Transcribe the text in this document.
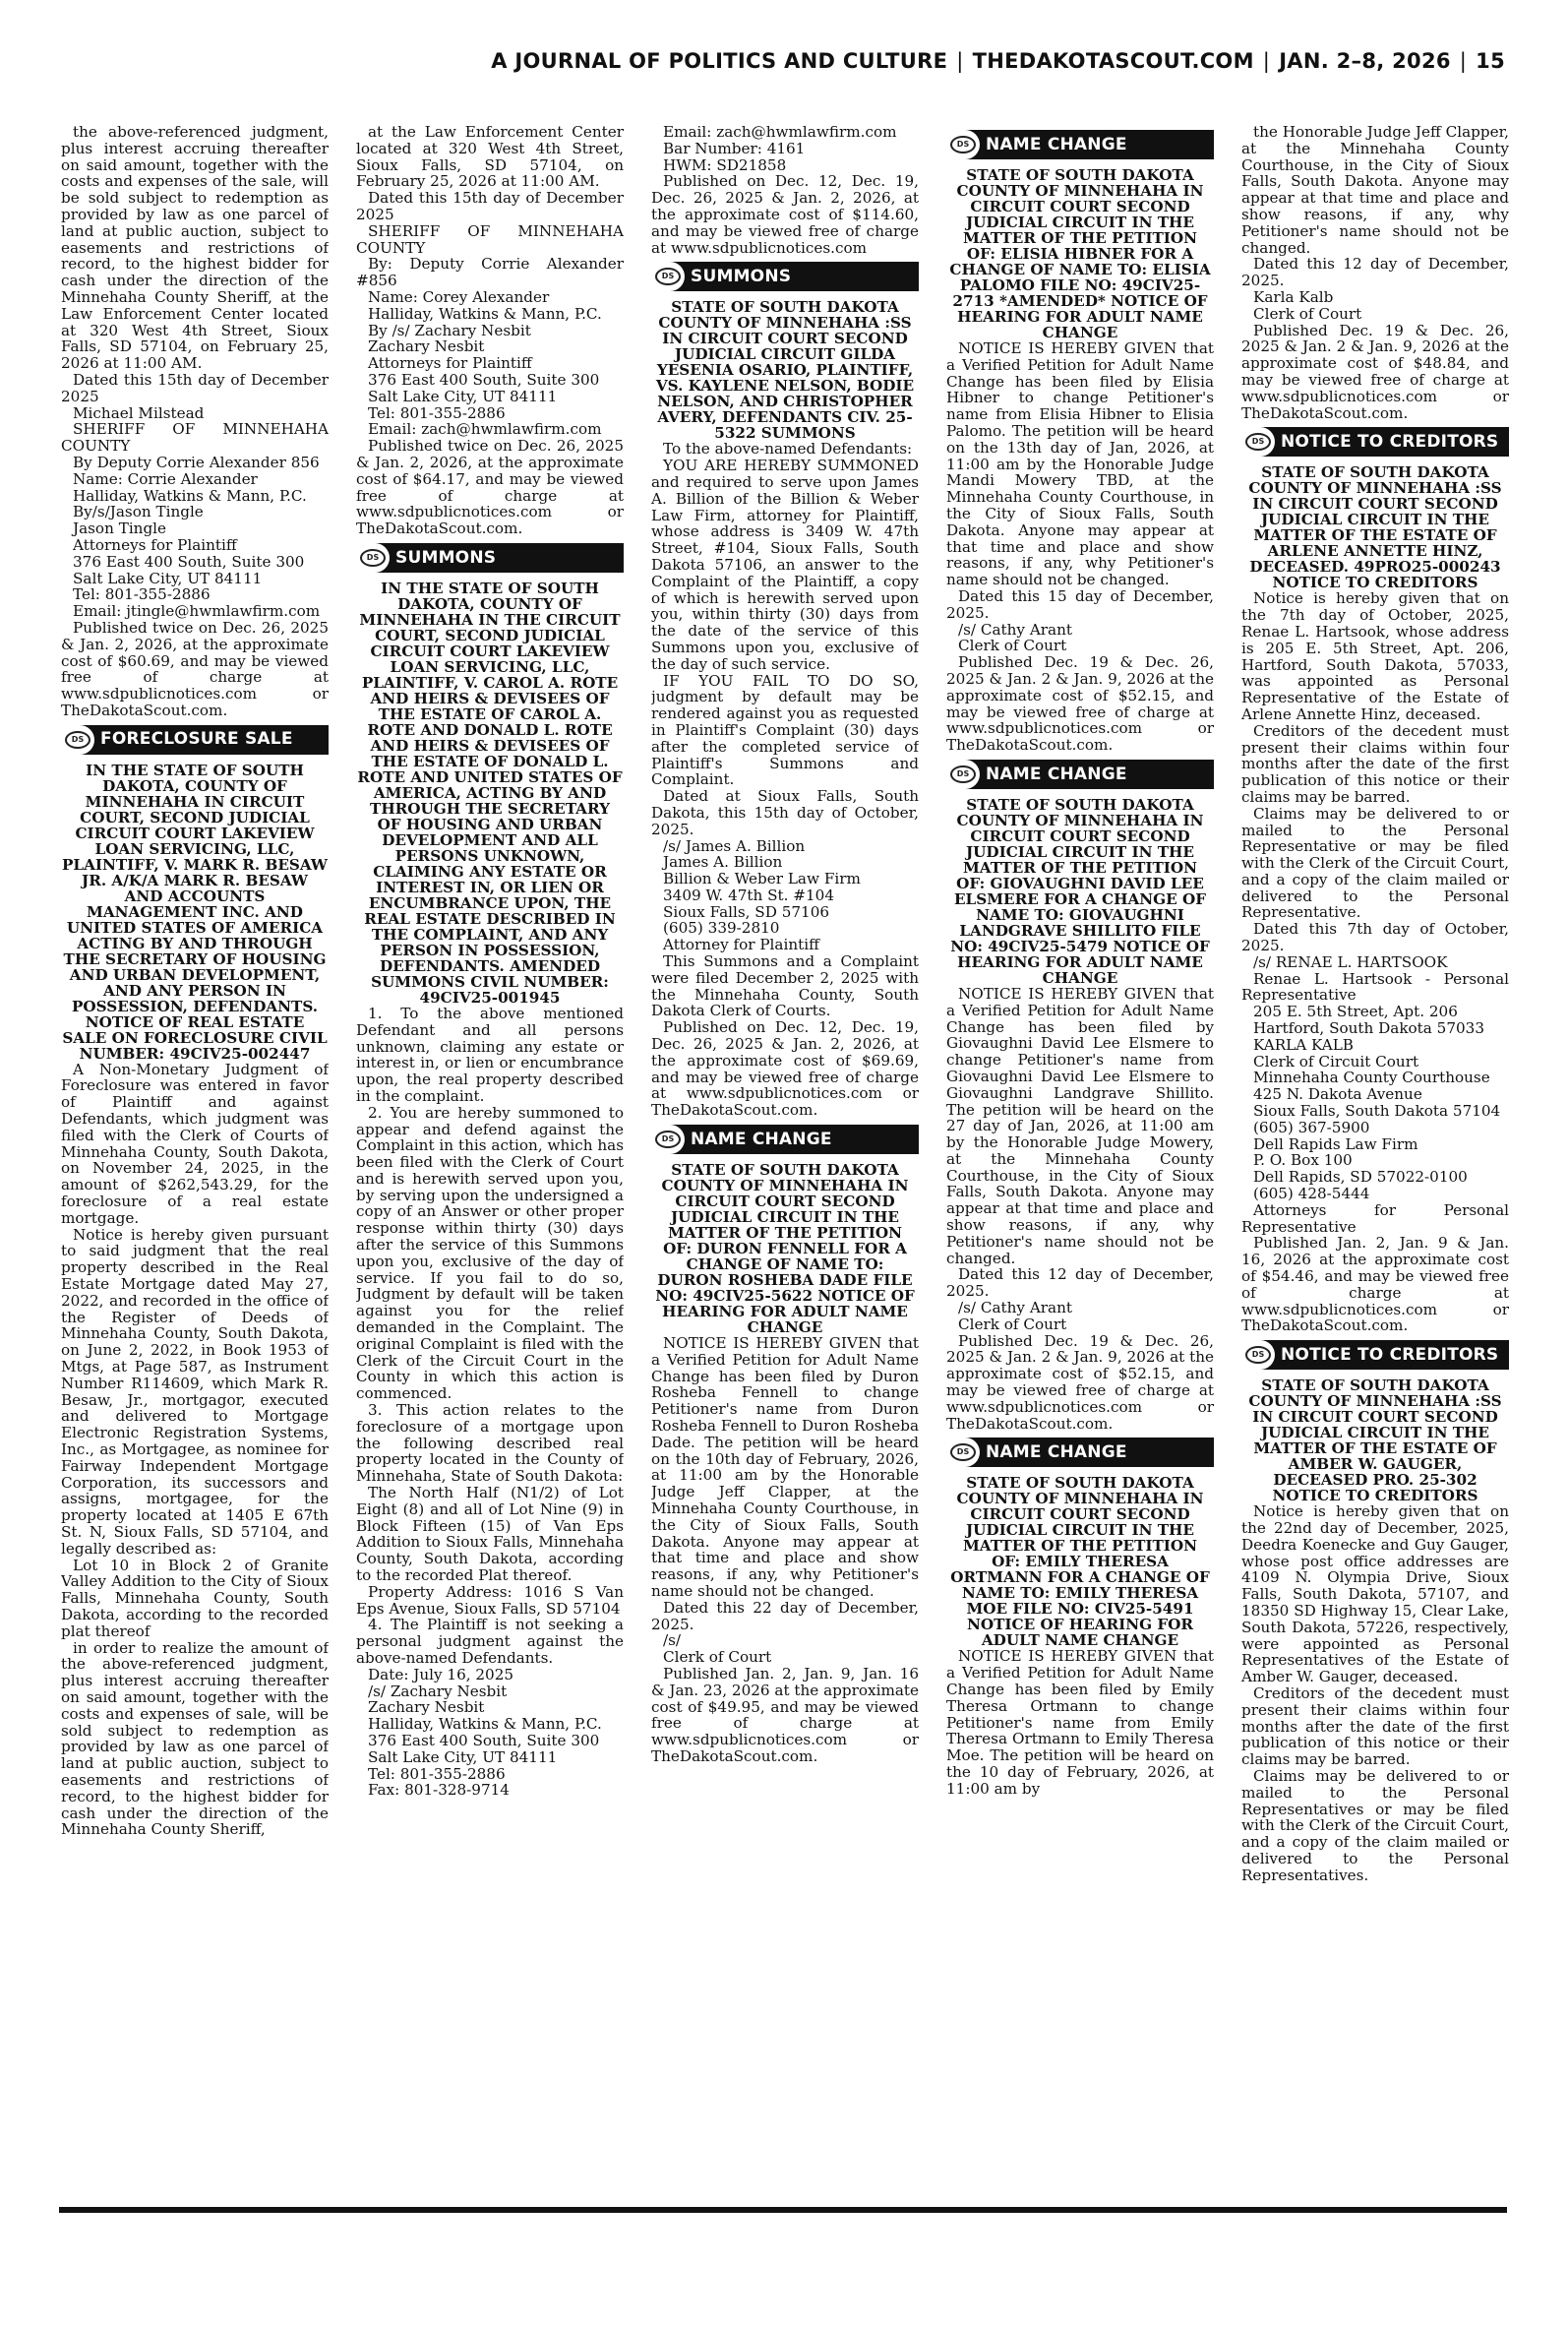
A JOURNAL OF POLITICS AND CULTURE | THEDAKOTASCOUT.COM | JAN. 2–8, 2026 | 15

the above-referenced judgment, plus interest accruing thereafter on said amount, together with the costs and expenses of the sale, will be sold subject to redemption as provided by law as one parcel of land at public auction, subject to easements and restrictions of record, to the highest bidder for cash under the direction of the Minnehaha County Sheriff, at the Law Enforcement Center located at 320 West 4th Street, Sioux Falls, SD 57104, on February 25, 2026 at 11:00 AM.

Dated this 15th day of December 2025

Michael Milstead

SHERIFF OF MINNEHAHA COUNTY

By Deputy Corrie Alexander 856

Name: Corrie Alexander

Halliday, Watkins & Mann, P.C.

By/s/Jason Tingle

Jason Tingle

Attorneys for Plaintiff

376 East 400 South, Suite 300

Salt Lake City, UT 84111

Tel: 801-355-2886

Email: jtingle@hwmlawfirm.com

Published twice on Dec. 26, 2025 & Jan. 2, 2026, at the approximate cost of $60.69, and may be viewed free of charge at www.sdpublicnotices.com or TheDakotaScout.com.

DS FORECLOSURE SALE

IN THE STATE OF SOUTH DAKOTA, COUNTY OF MINNEHAHA IN CIRCUIT COURT, SECOND JUDICIAL CIRCUIT COURT LAKEVIEW LOAN SERVICING, LLC, PLAINTIFF, V. MARK R. BESAW JR. A/K/A MARK R. BESAW AND ACCOUNTS MANAGEMENT INC. AND UNITED STATES OF AMERICA ACTING BY AND THROUGH THE SECRETARY OF HOUSING AND URBAN DEVELOPMENT, AND ANY PERSON IN POSSESSION, DEFENDANTS. NOTICE OF REAL ESTATE SALE ON FORECLOSURE CIVIL NUMBER: 49CIV25-002447

A Non-Monetary Judgment of Foreclosure was entered in favor of Plaintiff and against Defendants, which judgment was filed with the Clerk of Courts of Minnehaha County, South Dakota, on November 24, 2025, in the amount of $262,543.29, for the foreclosure of a real estate mortgage.

Notice is hereby given pursuant to said judgment that the real property described in the Real Estate Mortgage dated May 27, 2022, and recorded in the office of the Register of Deeds of Minnehaha County, South Dakota, on June 2, 2022, in Book 1953 of Mtgs, at Page 587, as Instrument Number R114609, which Mark R. Besaw, Jr., mortgagor, executed and delivered to Mortgage Electronic Registration Systems, Inc., as Mortgagee, as nominee for Fairway Independent Mortgage Corporation, its successors and assigns, mortgagee, for the property located at 1405 E 67th St. N, Sioux Falls, SD 57104, and legally described as:

Lot 10 in Block 2 of Granite Valley Addition to the City of Sioux Falls, Minnehaha County, South Dakota, according to the recorded plat thereof

in order to realize the amount of the above-referenced judgment, plus interest accruing thereafter on said amount, together with the costs and expenses of sale, will be sold subject to redemption as provided by law as one parcel of land at public auction, subject to easements and restrictions of record, to the highest bidder for cash under the direction of the Minnehaha County Sheriff,

at the Law Enforcement Center located at 320 West 4th Street, Sioux Falls, SD 57104, on February 25, 2026 at 11:00 AM.

Dated this 15th day of December 2025

SHERIFF OF MINNEHAHA COUNTY

By: Deputy Corrie Alexander #856

Name: Corey Alexander

Halliday, Watkins & Mann, P.C.

By /s/ Zachary Nesbit

Zachary Nesbit

Attorneys for Plaintiff

376 East 400 South, Suite 300

Salt Lake City, UT 84111

Tel: 801-355-2886

Email: zach@hwmlawfirm.com

Published twice on Dec. 26, 2025 & Jan. 2, 2026, at the approximate cost of $64.17, and may be viewed free of charge at www.sdpublicnotices.com or TheDakotaScout.com.

DS SUMMONS

IN THE STATE OF SOUTH DAKOTA, COUNTY OF MINNEHAHA IN THE CIRCUIT COURT, SECOND JUDICIAL CIRCUIT COURT LAKEVIEW LOAN SERVICING, LLC, PLAINTIFF, V. CAROL A. ROTE AND HEIRS & DEVISEES OF THE ESTATE OF CAROL A. ROTE AND DONALD L. ROTE AND HEIRS & DEVISEES OF THE ESTATE OF DONALD L. ROTE AND UNITED STATES OF AMERICA, ACTING BY AND THROUGH THE SECRETARY OF HOUSING AND URBAN DEVELOPMENT AND ALL PERSONS UNKNOWN, CLAIMING ANY ESTATE OR INTEREST IN, OR LIEN OR ENCUMBRANCE UPON, THE REAL ESTATE DESCRIBED IN THE COMPLAINT, AND ANY PERSON IN POSSESSION, DEFENDANTS. AMENDED SUMMONS CIVIL NUMBER: 49CIV25-001945

1. To the above mentioned Defendant and all persons unknown, claiming any estate or interest in, or lien or encumbrance upon, the real property described in the complaint.

2. You are hereby summoned to appear and defend against the Complaint in this action, which has been filed with the Clerk of Court and is herewith served upon you, by serving upon the undersigned a copy of an Answer or other proper response within thirty (30) days after the service of this Summons upon you, exclusive of the day of service. If you fail to do so, Judgment by default will be taken against you for the relief demanded in the Complaint. The original Complaint is filed with the Clerk of the Circuit Court in the County in which this action is commenced.

3. This action relates to the foreclosure of a mortgage upon the following described real property located in the County of Minnehaha, State of South Dakota:

The North Half (N1/2) of Lot Eight (8) and all of Lot Nine (9) in Block Fifteen (15) of Van Eps Addition to Sioux Falls, Minnehaha County, South Dakota, according to the recorded Plat thereof.

Property Address: 1016 S Van Eps Avenue, Sioux Falls, SD 57104

4. The Plaintiff is not seeking a personal judgment against the above-named Defendants.

Date: July 16, 2025

/s/ Zachary Nesbit

Zachary Nesbit

Halliday, Watkins & Mann, P.C.

376 East 400 South, Suite 300

Salt Lake City, UT 84111

Tel: 801-355-2886

Fax: 801-328-9714

Email: zach@hwmlawfirm.com

Bar Number: 4161

HWM: SD21858

Published on Dec. 12, Dec. 19, Dec. 26, 2025 & Jan. 2, 2026, at the approximate cost of $114.60, and may be viewed free of charge at www.sdpublicnotices.com

DS SUMMONS

STATE OF SOUTH DAKOTA COUNTY OF MINNEHAHA :SS IN CIRCUIT COURT SECOND JUDICIAL CIRCUIT GILDA YESENIA OSARIO, PLAINTIFF, VS. KAYLENE NELSON, BODIE NELSON, AND CHRISTOPHER AVERY, DEFENDANTS CIV. 25-5322 SUMMONS

To the above-named Defendants:

YOU ARE HEREBY SUMMONED and required to serve upon James A. Billion of the Billion & Weber Law Firm, attorney for Plaintiff, whose address is 3409 W. 47th Street, #104, Sioux Falls, South Dakota 57106, an answer to the Complaint of the Plaintiff, a copy of which is herewith served upon you, within thirty (30) days from the date of the service of this Summons upon you, exclusive of the day of such service.

IF YOU FAIL TO DO SO, judgment by default may be rendered against you as requested in Plaintiff's Complaint (30) days after the completed service of Plaintiff's Summons and Complaint.

Dated at Sioux Falls, South Dakota, this 15th day of October, 2025.

/s/ James A. Billion

James A. Billion

Billion & Weber Law Firm

3409 W. 47th St. #104

Sioux Falls, SD 57106

(605) 339-2810

Attorney for Plaintiff

This Summons and a Complaint were filed December 2, 2025 with the Minnehaha County, South Dakota Clerk of Courts.

Published on Dec. 12, Dec. 19, Dec. 26, 2025 & Jan. 2, 2026, at the approximate cost of $69.69, and may be viewed free of charge at www.sdpublicnotices.com or TheDakotaScout.com.

DS NAME CHANGE

STATE OF SOUTH DAKOTA COUNTY OF MINNEHAHA IN CIRCUIT COURT SECOND JUDICIAL CIRCUIT IN THE MATTER OF THE PETITION OF: DURON FENNELL FOR A CHANGE OF NAME TO: DURON ROSHEBA DADE FILE NO: 49CIV25-5622 NOTICE OF HEARING FOR ADULT NAME CHANGE

NOTICE IS HEREBY GIVEN that a Verified Petition for Adult Name Change has been filed by Duron Rosheba Fennell to change Petitioner's name from Duron Rosheba Fennell to Duron Rosheba Dade. The petition will be heard on the 10th day of February, 2026, at 11:00 am by the Honorable Judge Jeff Clapper, at the Minnehaha County Courthouse, in the City of Sioux Falls, South Dakota. Anyone may appear at that time and place and show reasons, if any, why Petitioner's name should not be changed.

Dated this 22 day of December, 2025.

/s/

Clerk of Court

Published Jan. 2, Jan. 9, Jan. 16 & Jan. 23, 2026 at the approximate cost of $49.95, and may be viewed free of charge at www.sdpublicnotices.com or TheDakotaScout.com.

DS NAME CHANGE

STATE OF SOUTH DAKOTA COUNTY OF MINNEHAHA IN CIRCUIT COURT SECOND JUDICIAL CIRCUIT IN THE MATTER OF THE PETITION OF: ELISIA HIBNER FOR A CHANGE OF NAME TO: ELISIA PALOMO FILE NO: 49CIV25-2713 *AMENDED* NOTICE OF HEARING FOR ADULT NAME CHANGE

NOTICE IS HEREBY GIVEN that a Verified Petition for Adult Name Change has been filed by Elisia Hibner to change Petitioner's name from Elisia Hibner to Elisia Palomo. The petition will be heard on the 13th day of Jan, 2026, at 11:00 am by the Honorable Judge Mandi Mowery TBD, at the Minnehaha County Courthouse, in the City of Sioux Falls, South Dakota. Anyone may appear at that time and place and show reasons, if any, why Petitioner's name should not be changed.

Dated this 15 day of December, 2025.

/s/ Cathy Arant

Clerk of Court

Published Dec. 19 & Dec. 26, 2025 & Jan. 2 & Jan. 9, 2026 at the approximate cost of $52.15, and may be viewed free of charge at www.sdpublicnotices.com or TheDakotaScout.com.

DS NAME CHANGE

STATE OF SOUTH DAKOTA COUNTY OF MINNEHAHA IN CIRCUIT COURT SECOND JUDICIAL CIRCUIT IN THE MATTER OF THE PETITION OF: GIOVAUGHNI DAVID LEE ELSMERE FOR A CHANGE OF NAME TO: GIOVAUGHNI LANDGRAVE SHILLITO FILE NO: 49CIV25-5479 NOTICE OF HEARING FOR ADULT NAME CHANGE

NOTICE IS HEREBY GIVEN that a Verified Petition for Adult Name Change has been filed by Giovaughni David Lee Elsmere to change Petitioner's name from Giovaughni David Lee Elsmere to Giovaughni Landgrave Shillito. The petition will be heard on the 27 day of Jan, 2026, at 11:00 am by the Honorable Judge Mowery, at the Minnehaha County Courthouse, in the City of Sioux Falls, South Dakota. Anyone may appear at that time and place and show reasons, if any, why Petitioner's name should not be changed.

Dated this 12 day of December, 2025.

/s/ Cathy Arant

Clerk of Court

Published Dec. 19 & Dec. 26, 2025 & Jan. 2 & Jan. 9, 2026 at the approximate cost of $52.15, and may be viewed free of charge at www.sdpublicnotices.com or TheDakotaScout.com.

DS NAME CHANGE

STATE OF SOUTH DAKOTA COUNTY OF MINNEHAHA IN CIRCUIT COURT SECOND JUDICIAL CIRCUIT IN THE MATTER OF THE PETITION OF: EMILY THERESA ORTMANN FOR A CHANGE OF NAME TO: EMILY THERESA MOE FILE NO: CIV25-5491 NOTICE OF HEARING FOR ADULT NAME CHANGE

NOTICE IS HEREBY GIVEN that a Verified Petition for Adult Name Change has been filed by Emily Theresa Ortmann to change Petitioner's name from Emily Theresa Ortmann to Emily Theresa Moe. The petition will be heard on the 10 day of February, 2026, at 11:00 am by

the Honorable Judge Jeff Clapper, at the Minnehaha County Courthouse, in the City of Sioux Falls, South Dakota. Anyone may appear at that time and place and show reasons, if any, why Petitioner's name should not be changed.

Dated this 12 day of December, 2025.

Karla Kalb

Clerk of Court

Published Dec. 19 & Dec. 26, 2025 & Jan. 2 & Jan. 9, 2026 at the approximate cost of $48.84, and may be viewed free of charge at www.sdpublicnotices.com or TheDakotaScout.com.

DS NOTICE TO CREDITORS

STATE OF SOUTH DAKOTA COUNTY OF MINNEHAHA :SS IN CIRCUIT COURT SECOND JUDICIAL CIRCUIT IN THE MATTER OF THE ESTATE OF ARLENE ANNETTE HINZ, DECEASED. 49PRO25-000243 NOTICE TO CREDITORS

Notice is hereby given that on the 7th day of October, 2025, Renae L. Hartsook, whose address is 205 E. 5th Street, Apt. 206, Hartford, South Dakota, 57033, was appointed as Personal Representative of the Estate of Arlene Annette Hinz, deceased.

Creditors of the decedent must present their claims within four months after the date of the first publication of this notice or their claims may be barred.

Claims may be delivered to or mailed to the Personal Representative or may be filed with the Clerk of the Circuit Court, and a copy of the claim mailed or delivered to the Personal Representative.

Dated this 7th day of October, 2025.

/s/ RENAE L. HARTSOOK

Renae L. Hartsook - Personal Representative

205 E. 5th Street, Apt. 206

Hartford, South Dakota 57033

KARLA KALB

Clerk of Circuit Court

Minnehaha County Courthouse

425 N. Dakota Avenue

Sioux Falls, South Dakota 57104

(605) 367-5900

Dell Rapids Law Firm

P. O. Box 100

Dell Rapids, SD 57022-0100

(605) 428-5444

Attorneys for Personal Representative

Published Jan. 2, Jan. 9 & Jan. 16, 2026 at the approximate cost of $54.46, and may be viewed free of charge at www.sdpublicnotices.com or TheDakotaScout.com.

DS NOTICE TO CREDITORS

STATE OF SOUTH DAKOTA COUNTY OF MINNEHAHA :SS IN CIRCUIT COURT SECOND JUDICIAL CIRCUIT IN THE MATTER OF THE ESTATE OF AMBER W. GAUGER, DECEASED PRO. 25-302 NOTICE TO CREDITORS

Notice is hereby given that on the 22nd day of December, 2025, Deedra Koenecke and Guy Gauger, whose post office addresses are 4109 N. Olympia Drive, Sioux Falls, South Dakota, 57107, and 18350 SD Highway 15, Clear Lake, South Dakota, 57226, respectively, were appointed as Personal Representatives of the Estate of Amber W. Gauger, deceased.

Creditors of the decedent must present their claims within four months after the date of the first publication of this notice or their claims may be barred.

Claims may be delivered to or mailed to the Personal Representatives or may be filed with the Clerk of the Circuit Court, and a copy of the claim mailed or delivered to the Personal Representatives.
